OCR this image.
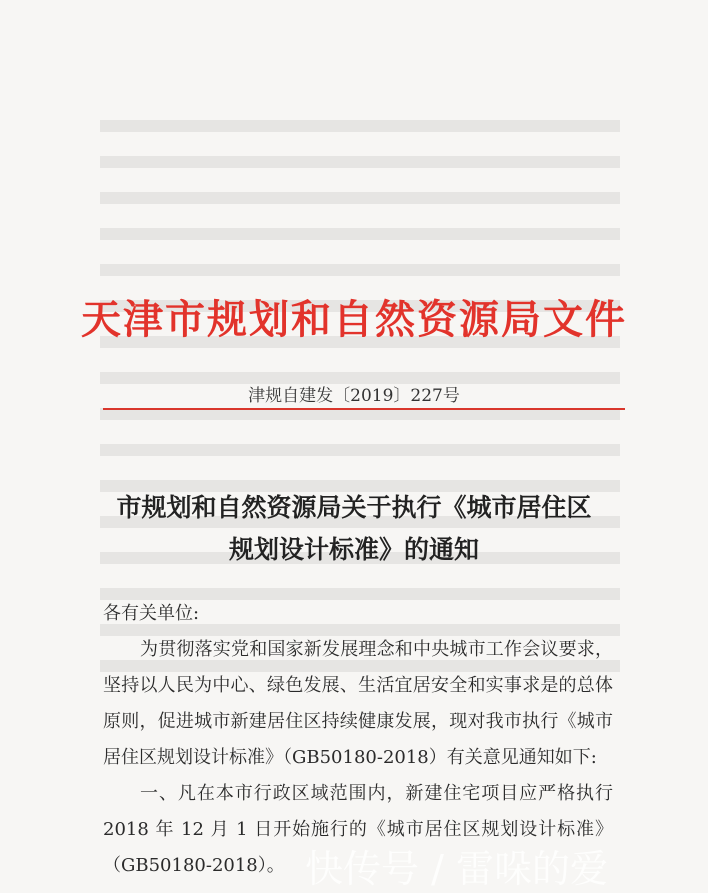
天津市规划和自然资源局文件
津规自建发〔2019〕227号
市规划和自然资源局关于执行《城市居住区
规划设计标准》的通知

各有关单位:

为贯彻落实党和国家新发展理念和中央城市工作会议要求，坚持以人民为中心、绿色发展、生活宜居安全和实事求是的总体原则，促进城市新建居住区持续健康发展，现对我市执行《城市居住区规划设计标准》（GB50180-2018）有关意见通知如下:

一、凡在本市行政区域范围内，新建住宅项目应严格执行2018 年 12 月 1 日开始施行的《城市居住区规划设计标准》（GB50180-2018）。 快传号 / 雷哚的爱
